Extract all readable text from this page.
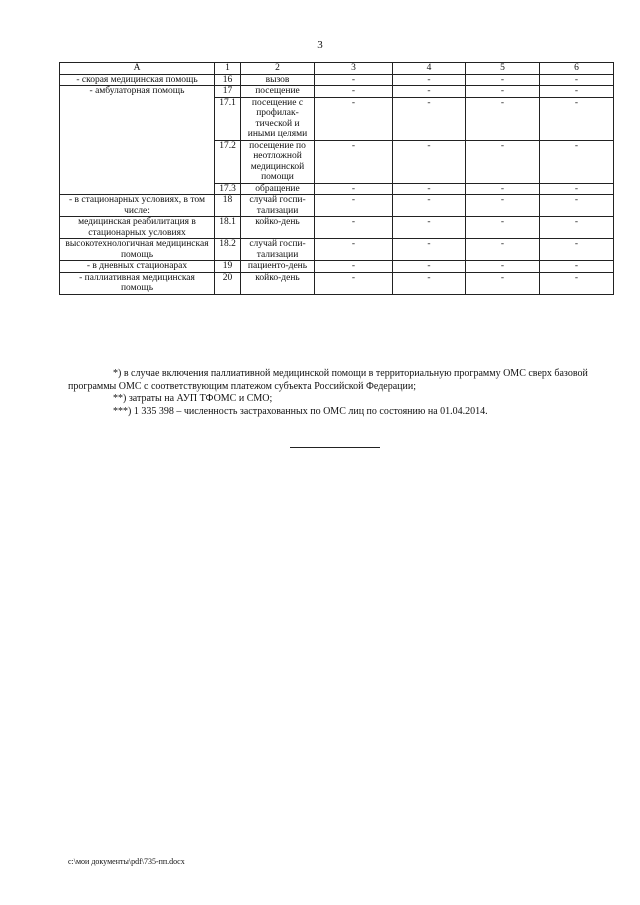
3
А	1	2	3	4	5	6
- скорая медицинская помощь	16	вызов	-	-	-	-
- амбулаторная помощь	17	посещение	-	-	-	-
	17.1	посещение с профилак-тической и иными целями	-	-	-	-
	17.2	посещение по неотложной медицинской помощи	-	-	-	-
	17.3	обращение	-	-	-	-
- в стационарных условиях, в том числе:	18	случай госпи-тализации	-	-	-	-
медицинская реабилитация в стационарных условиях	18.1	койко-день	-	-	-	-
высокотехнологичная медицинская помощь	18.2	случай госпи-тализации	-	-	-	-
- в дневных стационарах	19	пациенто-день	-	-	-	-
- паллиативная медицинская помощь	20	койко-день	-	-	-	-

*) в случае включения паллиативной медицинской помощи в территориальную программу ОМС сверх базовой программы ОМС с соответствующим платежом субъекта Российской Федерации;

**) затраты на АУП ТФОМС и СМО;

***) 1 335 398 – численность застрахованных по ОМС лиц по состоянию на 01.04.2014.

c:\мои документы\pdf\735-пп.docx
